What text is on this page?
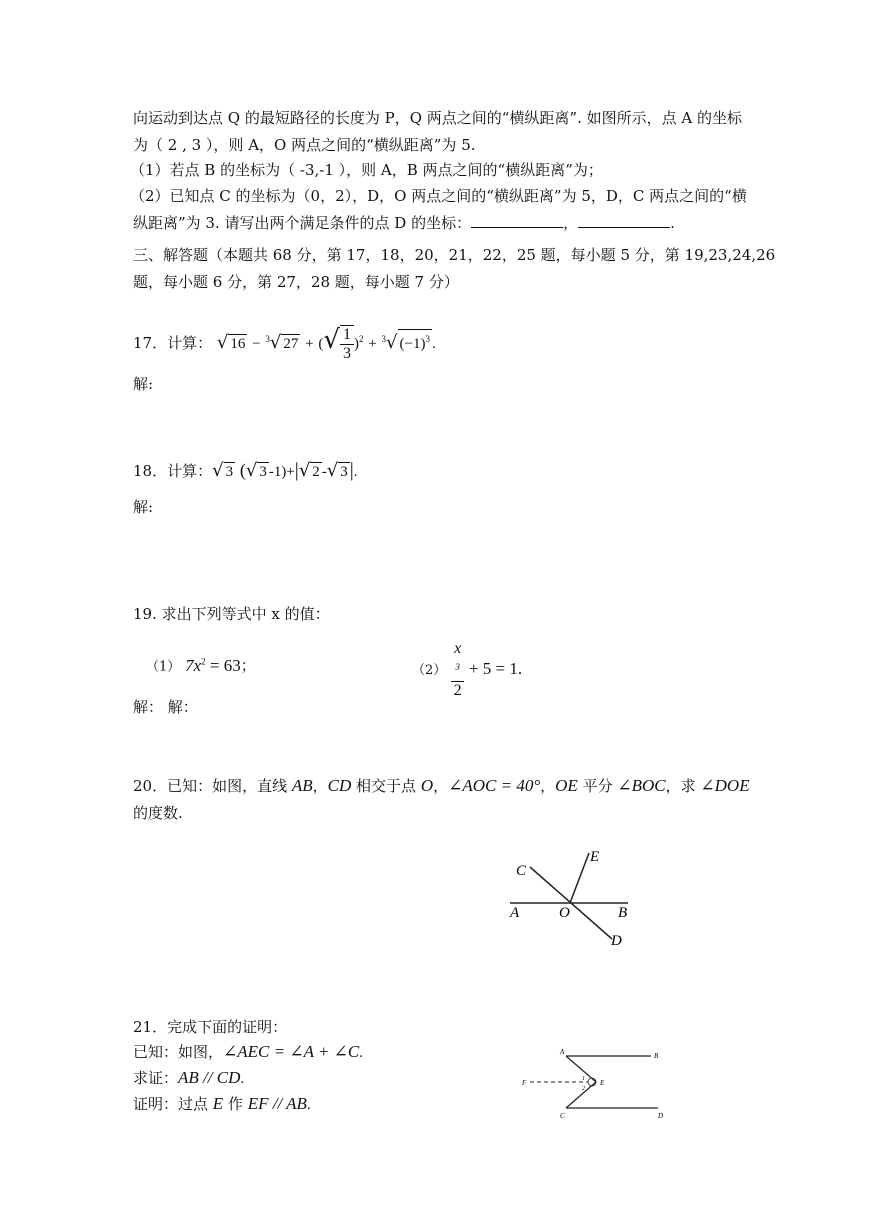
向运动到达点 Q 的最短路径的长度为 P，Q 两点之间的“横纵距离”. 如图所示，点 A 的坐标
为（ 2 , 3 ），则 A，O 两点之间的“横纵距离”为 5.
（1）若点 B 的坐标为（ -3,-1 ），则 A，B 两点之间的“横纵距离”为；
（2）已知点 C 的坐标为（0，2），D，O 两点之间的“横纵距离”为 5，D，C 两点之间的“横
纵距离”为 3. 请写出两个满足条件的点 D 的坐标：	，	.
三、解答题（本题共 68 分，第 17，18，20，21，22，25 题，每小题 5 分，第 19,23,24,26
题，每小题 6 分，第 27，28 题，每小题 7 分）
17．计算： √ 16 − $^3$√ 27 + (√ $\frac{1}{3} )^2 + ^3√$ $(-1)^3$ .
解:
18．计算：√ 3 (√ 3 -1)+|√ 2 -√ 3 |.
解:
19. 求出下列等式中 x 的值：
（1） $7x^2 = 63$；	（2） x
$^3$
2 + 5 = 1.
解： 解：
20．已知：如图，直线 AB，CD 相交于点 O，∠AOC = 40°，OE 平分 ∠BOC，求 ∠DOE
的度数.
C
E
A	O	B
D
21．完成下面的证明：
已知：如图，∠AEC = ∠A + ∠C.
求证：AB // CD.
证明：过点 E 作 EF // AB.
A	B
F	E
C	D
1
2
